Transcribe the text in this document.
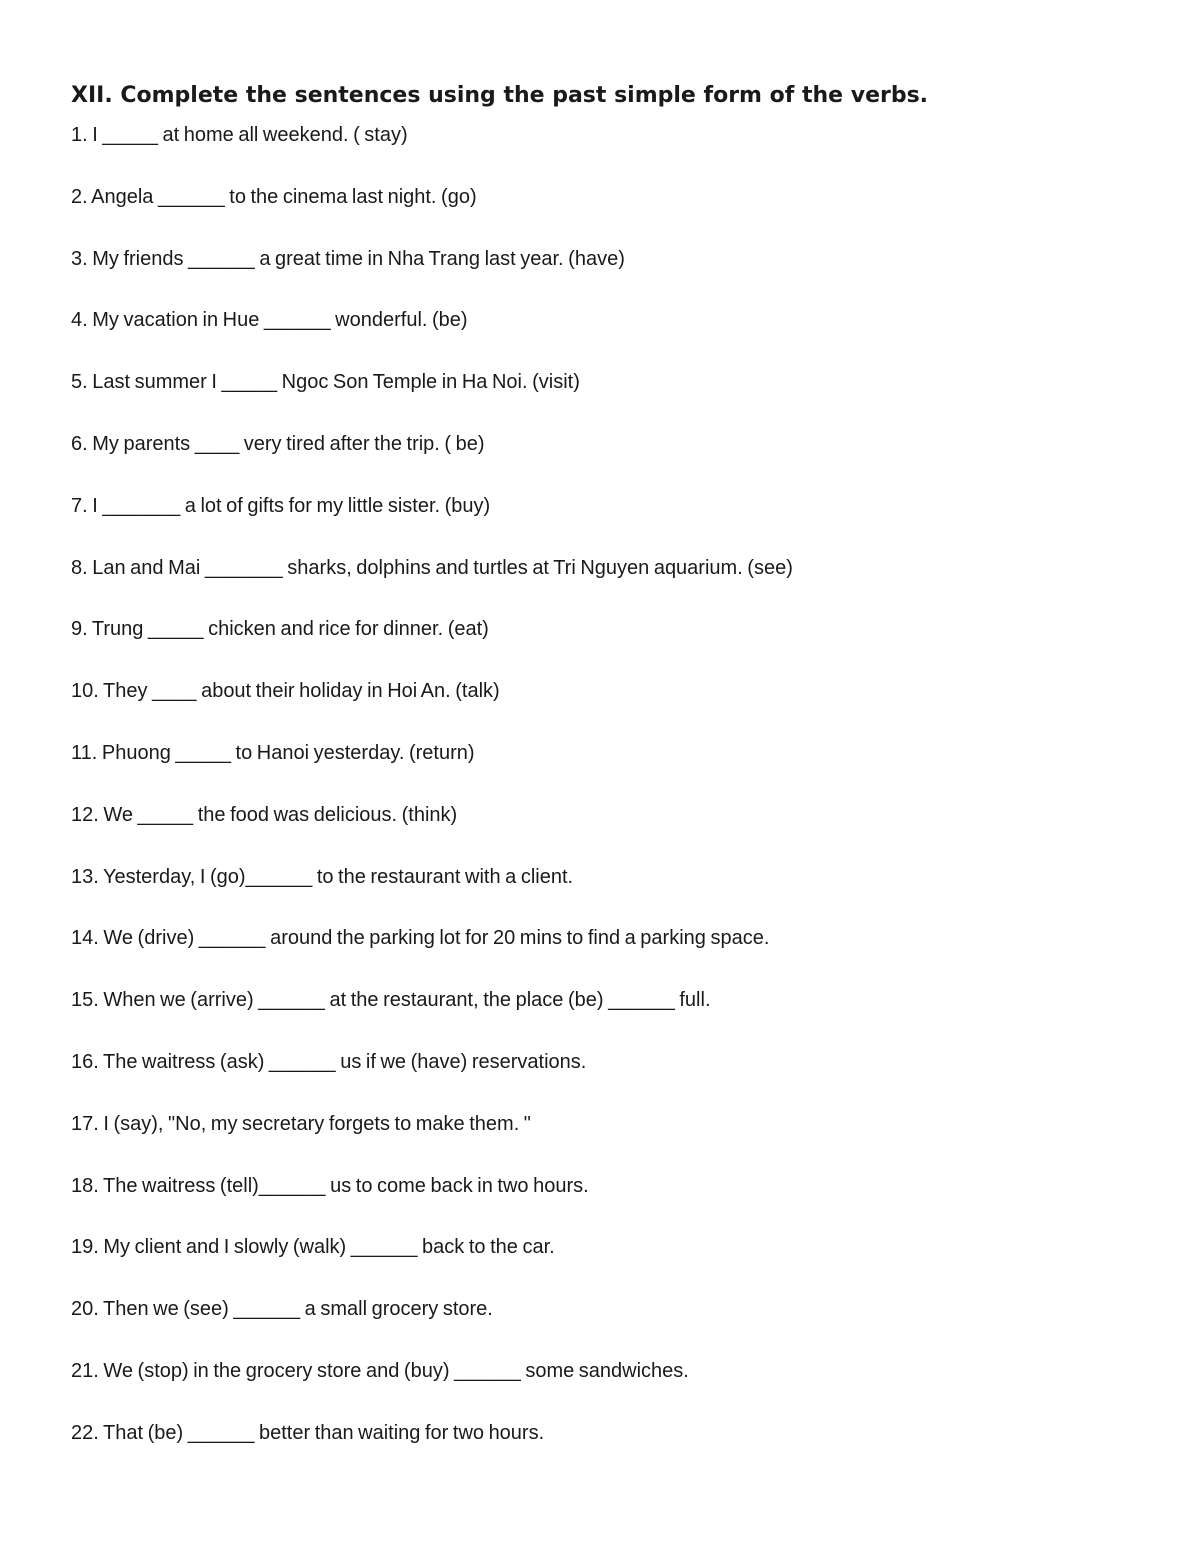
XII. Complete the sentences using the past simple form of the verbs.
1. I _____ at home all weekend. ( stay)
2. Angela ______ to the cinema last night. (go)
3. My friends ______ a great time in Nha Trang last year. (have)
4. My vacation in Hue ______ wonderful. (be)
5. Last summer I _____ Ngoc Son Temple in Ha Noi. (visit)
6. My parents ____ very tired after the trip. ( be)
7. I _______ a lot of gifts for my little sister. (buy)
8. Lan and Mai _______ sharks, dolphins and turtles at Tri Nguyen aquarium. (see)
9. Trung _____ chicken and rice for dinner. (eat)
10. They ____ about their holiday in Hoi An. (talk)
11. Phuong _____ to Hanoi yesterday. (return)
12. We _____ the food was delicious. (think)
13. Yesterday, I (go)______ to the restaurant with a client.
14. We (drive) ______ around the parking lot for 20 mins to find a parking space.
15. When we (arrive) ______ at the restaurant, the place (be) ______ full.
16. The waitress (ask) ______ us if we (have) reservations.
17. I (say), "No, my secretary forgets to make them. "
18. The waitress (tell)______ us to come back in two hours.
19. My client and I slowly (walk) ______ back to the car.
20. Then we (see) ______ a small grocery store.
21. We (stop) in the grocery store and (buy) ______ some sandwiches.
22. That (be) ______ better than waiting for two hours.
